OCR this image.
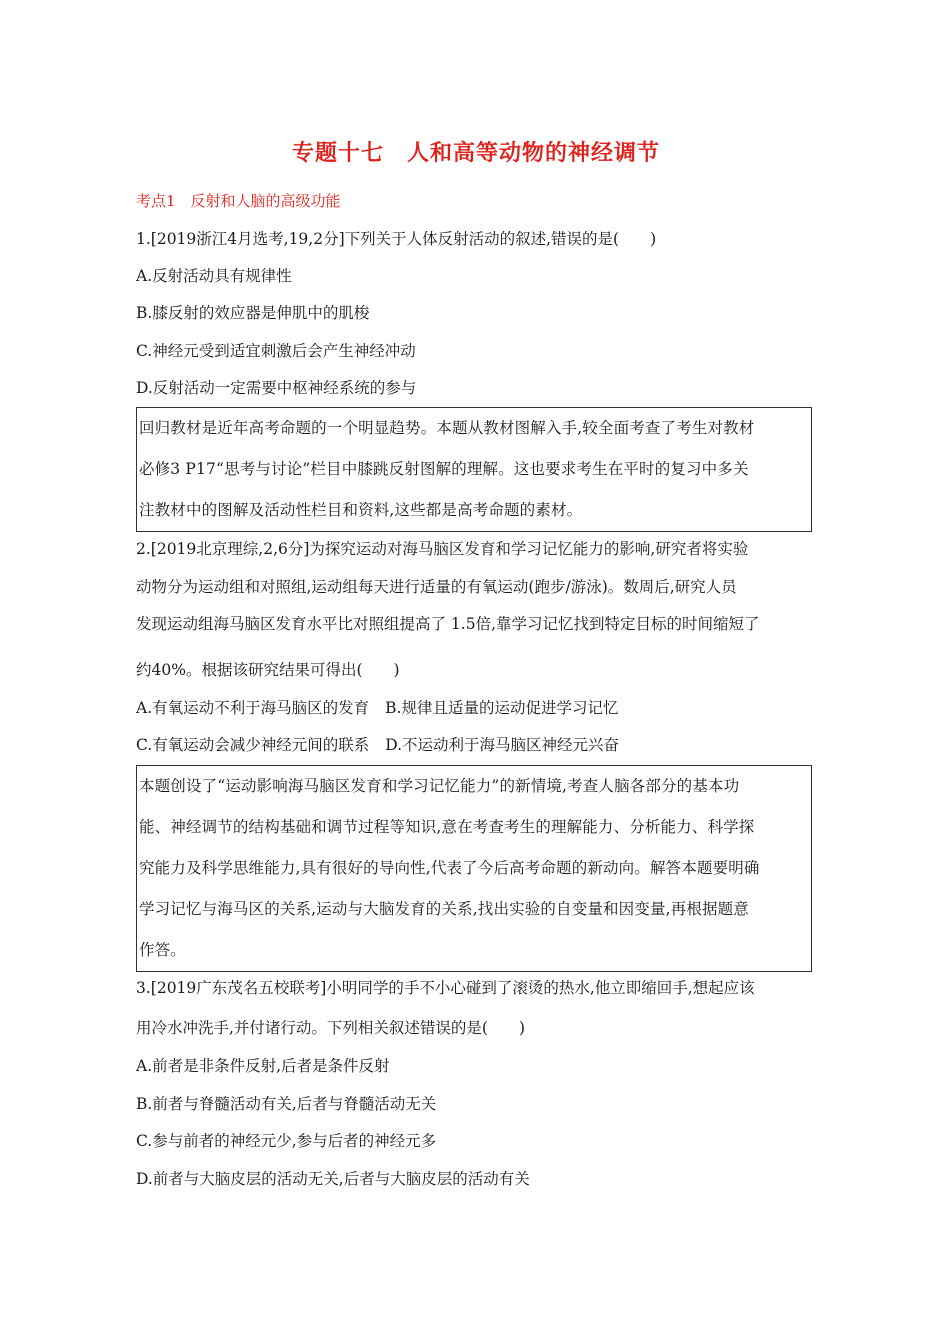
专题十七　人和高等动物的神经调节
考点1　反射和人脑的高级功能
1.[2019浙江4月选考,19,2分]下列关于人体反射活动的叙述,错误的是(　　)
A.反射活动具有规律性
B.膝反射的效应器是伸肌中的肌梭
C.神经元受到适宜刺激后会产生神经冲动
D.反射活动一定需要中枢神经系统的参与
回归教材是近年高考命题的一个明显趋势。本题从教材图解入手,较全面考查了考生对教材
必修3 P17“思考与讨论”栏目中膝跳反射图解的理解。这也要求考生在平时的复习中多关
注教材中的图解及活动性栏目和资料,这些都是高考命题的素材。
2.[2019北京理综,2,6分]为探究运动对海马脑区发育和学习记忆能力的影响,研究者将实验
动物分为运动组和对照组,运动组每天进行适量的有氧运动(跑步/游泳)。数周后,研究人员
发现运动组海马脑区发育水平比对照组提高了 1.5倍,靠学习记忆找到特定目标的时间缩短了
约40%。根据该研究结果可得出(　　)
A.有氧运动不利于海马脑区的发育 B.规律且适量的运动促进学习记忆
C.有氧运动会减少神经元间的联系 D.不运动利于海马脑区神经元兴奋
本题创设了“运动影响海马脑区发育和学习记忆能力”的新情境,考查人脑各部分的基本功
能、神经调节的结构基础和调节过程等知识,意在考查考生的理解能力、分析能力、科学探
究能力及科学思维能力,具有很好的导向性,代表了今后高考命题的新动向。解答本题要明确
学习记忆与海马区的关系,运动与大脑发育的关系,找出实验的自变量和因变量,再根据题意
作答。
3.[2019广东茂名五校联考]小明同学的手不小心碰到了滚烫的热水,他立即缩回手,想起应该
用冷水冲洗手,并付诸行动。下列相关叙述错误的是(　　)
A.前者是非条件反射,后者是条件反射
B.前者与脊髓活动有关,后者与脊髓活动无关
C.参与前者的神经元少,参与后者的神经元多
D.前者与大脑皮层的活动无关,后者与大脑皮层的活动有关
